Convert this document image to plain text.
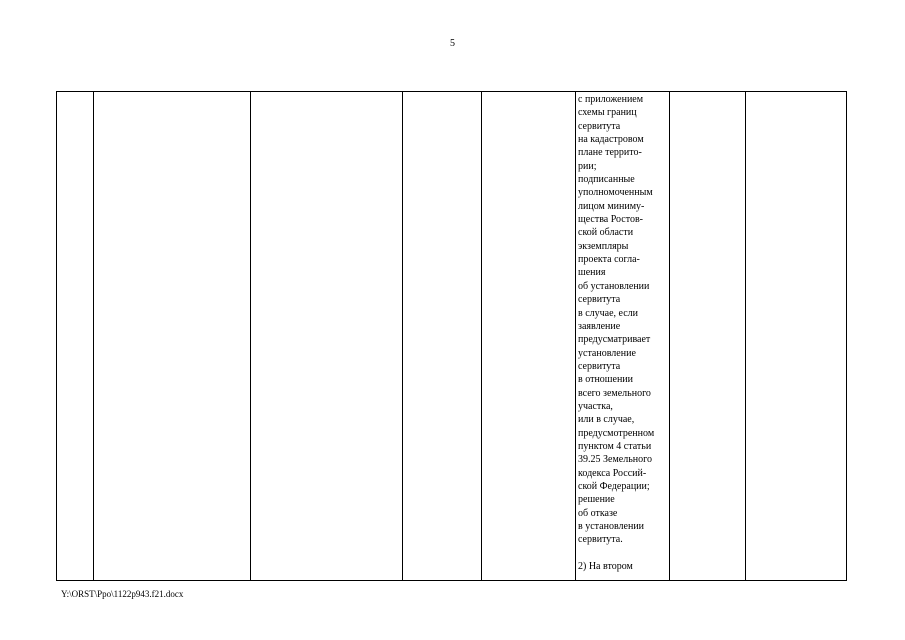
5

с приложением
схемы границ
сервитута
на кадастровом
плане террито-
рии;
подписанные
уполномоченным
лицом миниму-
щества Ростов-
ской области
экземпляры
проекта согла-
шения
об установлении
сервитута
в случае, если
заявление
предусматривает
установление
сервитута
в отношении
всего земельного
участка,
или в случае,
предусмотренном
пунктом 4 статьи
39.25 Земельного
кодекса Россий-
ской Федерации;
решение
об отказе
в установлении
сервитута.

2) На втором

Y:\ORST\Ppo\1122p943.f21.docx
